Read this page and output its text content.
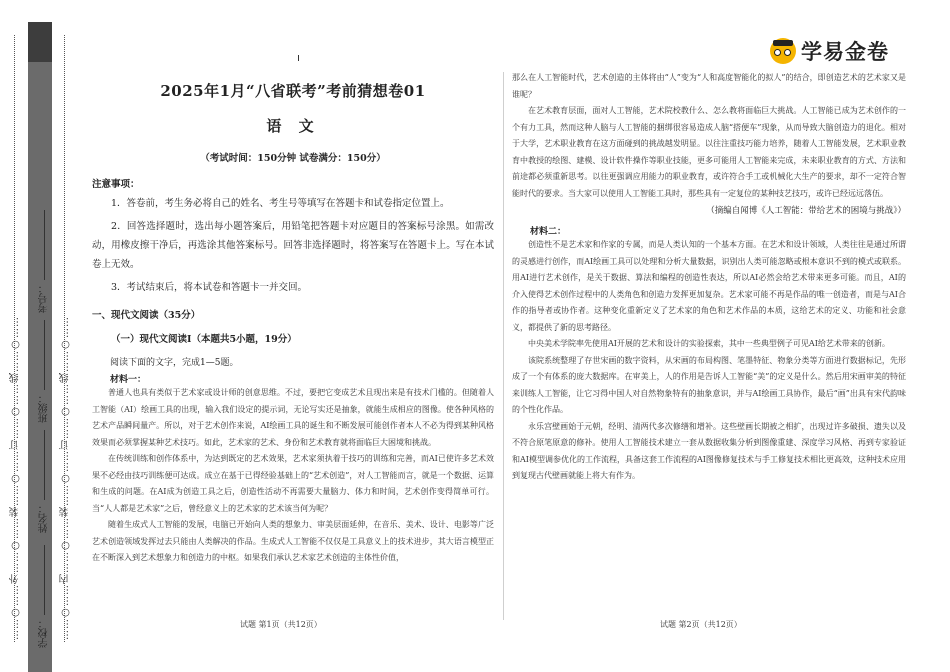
学易金卷
……○……外……○……装……○……订……○……线……○……	……○……内……○……装……○……订……○……线……○……
学校：
姓名：
班级：
考号：
2025年1月“八省联考”考前猜想卷01
语 文
（考试时间：150分钟 试卷满分：150分）
注意事项：

1．答卷前，考生务必将自己的姓名、考生号等填写在答题卡和试卷指定位置上。

2．回答选择题时，选出每小题答案后，用铅笔把答题卡对应题目的答案标号涂黑。如需改动，用橡皮擦干净后，再选涂其他答案标号。回答非选择题时，将答案写在答题卡上。写在本试卷上无效。

3．考试结束后，将本试卷和答题卡一并交回。

一、现代文阅读（35分）
（一）现代文阅读Ⅰ（本题共5小题，19分）
阅读下面的文字，完成1—5题。
材料一：

普通人也具有类似于艺术家或设计师的创意思维。不过，要把它变成艺术且现出来是有技术门槛的。但随着人工智能（AI）绘画工具的出现，输入我们设定的提示词，无论写实还是抽象，就能生成相应的图像。使各种风格的艺术产品瞬间量产。所以，对于艺术创作来说，AI绘画工具的诞生和不断发展可能创作者本人不必为得到某种风格效果而必须掌握某种艺术技巧。如此，艺术家的艺术、身份和艺术教育就将面临巨大困境和挑战。

在传统训练和创作体系中，为达到既定的艺术效果，艺术家须执着于技巧的训练和完善，而AI已使许多艺术效果不必经由技巧训练便可达成。成立在基于已得经验基础上的“艺术创造”，对人工智能而言，就是一个数据、运算和生成的问题。在AI成为创造工具之后，创造性活动不再需要大量脑力、体力和时间，艺术创作变得简单可行。当“人人都是艺术家”之后，曾经意义上的艺术家的艺术该当何为呢？

随着生成式人工智能的发展，电脑已开始向人类的想象力、审美层面延伸，在音乐、美术、设计、电影等广泛艺术创造领域发挥过去只能由人类解决的作品。生成式人工智能不仅仅是工具意义上的技术进步，其大语言模型正在不断深入到艺术想象力和创造力的中枢。如果我们承认艺术家艺术创造的主体性价值，

那么在人工智能时代，艺术创造的主体将由“人”变为“人和高度智能化的拟人”的结合，即创造艺术的艺术家又是谁呢？

在艺术教育层面，面对人工智能，艺术院校教什么、怎么教将面临巨大挑战。人工智能已成为艺术创作的一个有力工具，然而这种人脑与人工智能的捆绑很容易造成人脑“搭便车”现象，从而导致大脑创造力的退化。相对于大学，艺术职业教育在这方面碰到的挑战越发明显。以往注重技巧能力培养，随着人工智能发展，艺术职业教育中教授的绘图、建模、设计软件操作等职业技能，更多可能用人工智能来完成，未来职业教育的方式、方法和前途都必须重新思考。以往更强调应用能力的职业教育，或许符合手工或机械化大生产的要求，却不一定符合智能时代的要求。当大家可以使用人工智能工具时，那些具有一定复位的某种技艺技巧，或许已经远远落伍。

（摘编自闻博《人工智能：带给艺术的困境与挑战》）
材料二：

创造性不是艺术家和作家的专属，而是人类认知的一个基本方面。在艺术和设计领域，人类往往是通过所谓的灵感进行创作，而AI绘画工具可以处理和分析大量数据，识别出人类可能忽略或根本意识不到的模式或联系。用AI进行艺术创作，是关于数据、算法和编程的创造性表达，所以AI必然会给艺术带来更多可能。而且，AI的介入使得艺术创作过程中的人类角色和创造力发挥更加复杂。艺术家可能不再是作品的唯一创造者，而是与AI合作的指导者或协作者。这种变化重新定义了艺术家的角色和艺术作品的本质，这给艺术的定义、功能和社会意义，都提供了新的思考路径。

中央美术学院率先使用AI开展的艺术和设计的实验探索，其中一些典型例子可见AI给艺术带来的创新。

该院系统整理了存世宋画的数字资料，从宋画的布局构图、笔墨特征、物象分类等方面进行数据标记，先形成了一个有体系的庞大数据库。在审美上，人的作用是告诉人工智能“美”的定义是什么。然后用宋画审美的特征来训练人工智能，让它习得中国人对自然物象特有的抽象意识，并与AI绘画工具协作，最后“画”出具有宋代韵味的个性化作品。

永乐宫壁画始于元朝，经明、清两代多次修缮和增补。这些壁画长期被之相扩，出现过许多破损、遗失以及不符合原笔原意的修补。使用人工智能技术建立一套从数据收集分析到图像重建、深度学习风格、再到专家验证和AI模型调参优化的工作流程，具备这套工作流程的AI图像修复技术与手工修复技术相比更高效，这种技术应用到复现古代壁画就能上将大有作为。

试题 第1页（共12页）	试题 第2页（共12页）
